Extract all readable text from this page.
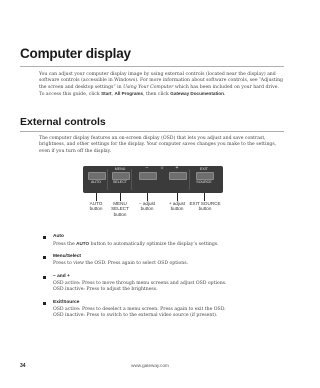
Computer display
You can adjust your computer display image by using external controls (located near the display) and software controls (accessible in Windows). For more information about software controls, see “Adjusting the screen and desktop settings” in Using Your Computer which has been included on your hard drive. To access this guide, click Start, All Programs, then click Gateway Documentation.
External controls
The computer display features an on-screen display (OSD) that lets you adjust and save contrast, brightness, and other settings for the display. Your computer saves changes you make to the settings, even if you turn off the display.
AUTO
MENU
SELECT
−	☼	+	EXIT
SOURCE
AUTO
button
MENU
SELECT
button
− adjust
button
+ adjust
button
EXIT SOURCE
button
Auto
Press the AUTO button to automatically optimize the display’s settings.
Menu/Select
Press to view the OSD. Press again to select OSD options.
− and +
OSD active: Press to move through menu screens and adjust OSD options.
OSD inactive: Press to adjust the brightness.
Exit/Source
OSD active: Press to deselect a menu screen. Press again to exit the OSD.
OSD inactive: Press to switch to the external video source (if present).
34	www.gateway.com
